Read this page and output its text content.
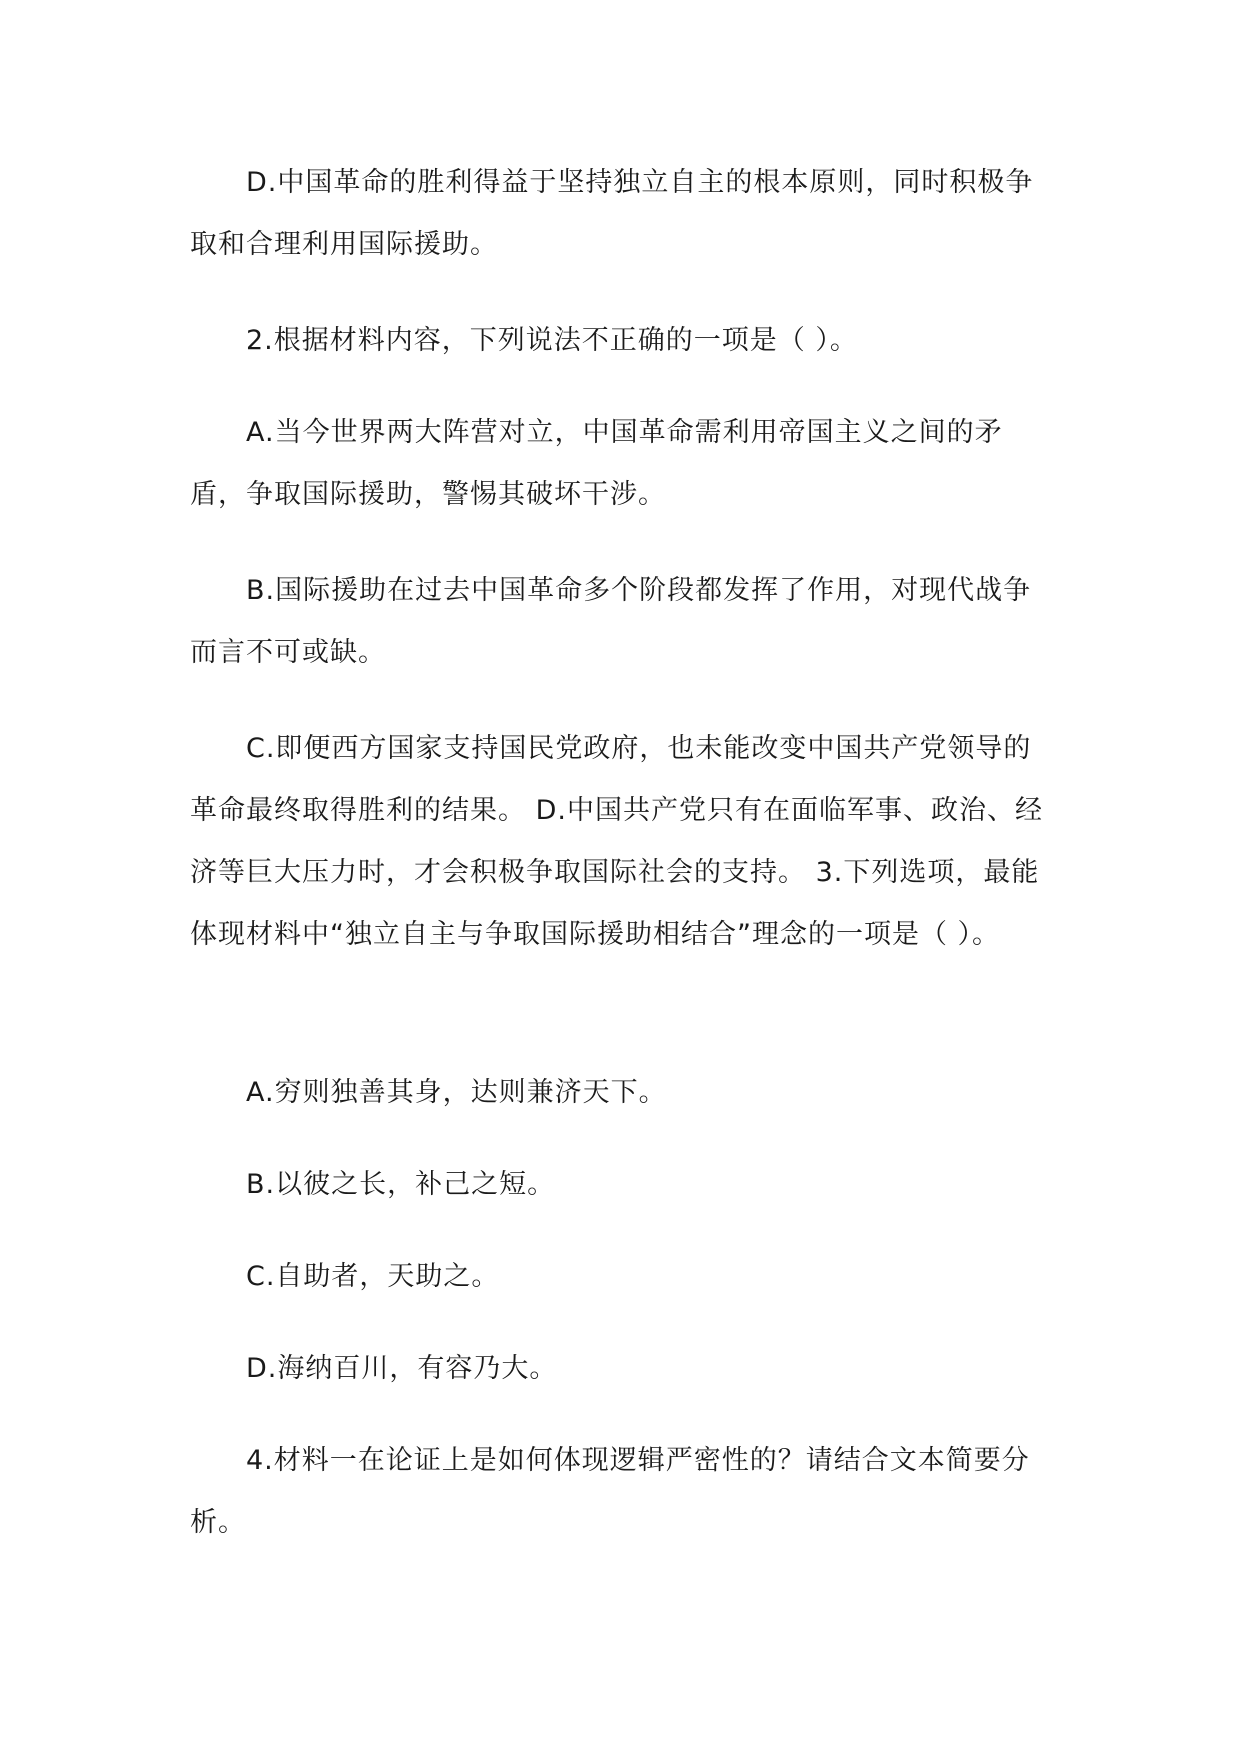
D.中国革命的胜利得益于坚持独立自主的根本原则，同时积极争取和合理利用国际援助。

2.根据材料内容，下列说法不正确的一项是（ ）。

A.当今世界两大阵营对立，中国革命需利用帝国主义之间的矛盾，争取国际援助，警惕其破坏干涉。

B.国际援助在过去中国革命多个阶段都发挥了作用，对现代战争而言不可或缺。

C.即便西方国家支持国民党政府，也未能改变中国共产党领导的革命最终取得胜利的结果。 D.中国共产党只有在面临军事、政治、经济等巨大压力时，才会积极争取国际社会的支持。 3.下列选项，最能体现材料中“独立自主与争取国际援助相结合”理念的一项是（ ）。

A.穷则独善其身，达则兼济天下。

B.以彼之长，补己之短。

C.自助者，天助之。

D.海纳百川，有容乃大。

4.材料一在论证上是如何体现逻辑严密性的？请结合文本简要分析。
